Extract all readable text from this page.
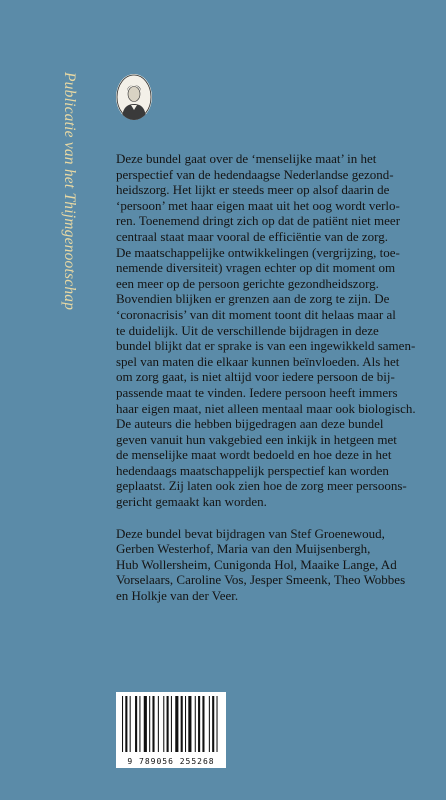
Publicatie van het Thijmgenootschap	Deze bundel gaat over de ‘menselijke maat’ in het
perspectief van de hedendaagse Nederlandse gezond-
heidszorg. Het lijkt er steeds meer op alsof daarin de
‘persoon’ met haar eigen maat uit het oog wordt verlo-
ren. Toenemend dringt zich op dat de patiënt niet meer
centraal staat maar vooral de efficiëntie van de zorg.
De maatschappelijke ontwikkelingen (vergrijzing, toe-
nemende diversiteit) vragen echter op dit moment om
een meer op de persoon gerichte gezondheidszorg.
Bovendien blijken er grenzen aan de zorg te zijn. De
‘coronacrisis’ van dit moment toont dit helaas maar al
te duidelijk. Uit de verschillende bijdragen in deze
bundel blijkt dat er sprake is van een ingewikkeld samen-
spel van maten die elkaar kunnen beïnvloeden. Als het
om zorg gaat, is niet altijd voor iedere persoon de bij-
passende maat te vinden. Iedere persoon heeft immers
haar eigen maat, niet alleen mentaal maar ook biologisch.
De auteurs die hebben bijgedragen aan deze bundel
geven vanuit hun vakgebied een inkijk in hetgeen met
de menselijke maat wordt bedoeld en hoe deze in het
hedendaags maatschappelijk perspectief kan worden
geplaatst. Zij laten ook zien hoe de zorg meer persoons-
gericht gemaakt kan worden.

Deze bundel bevat bijdragen van Stef Groenewoud,
Gerben Westerhof, Maria van den Muijsenbergh,
Hub Wollersheim, Cunigonda Hol, Maaike Lange, Ad
Vorselaars, Caroline Vos, Jesper Smeenk, Theo Wobbes
en Holkje van der Veer.

9 789056 255268
